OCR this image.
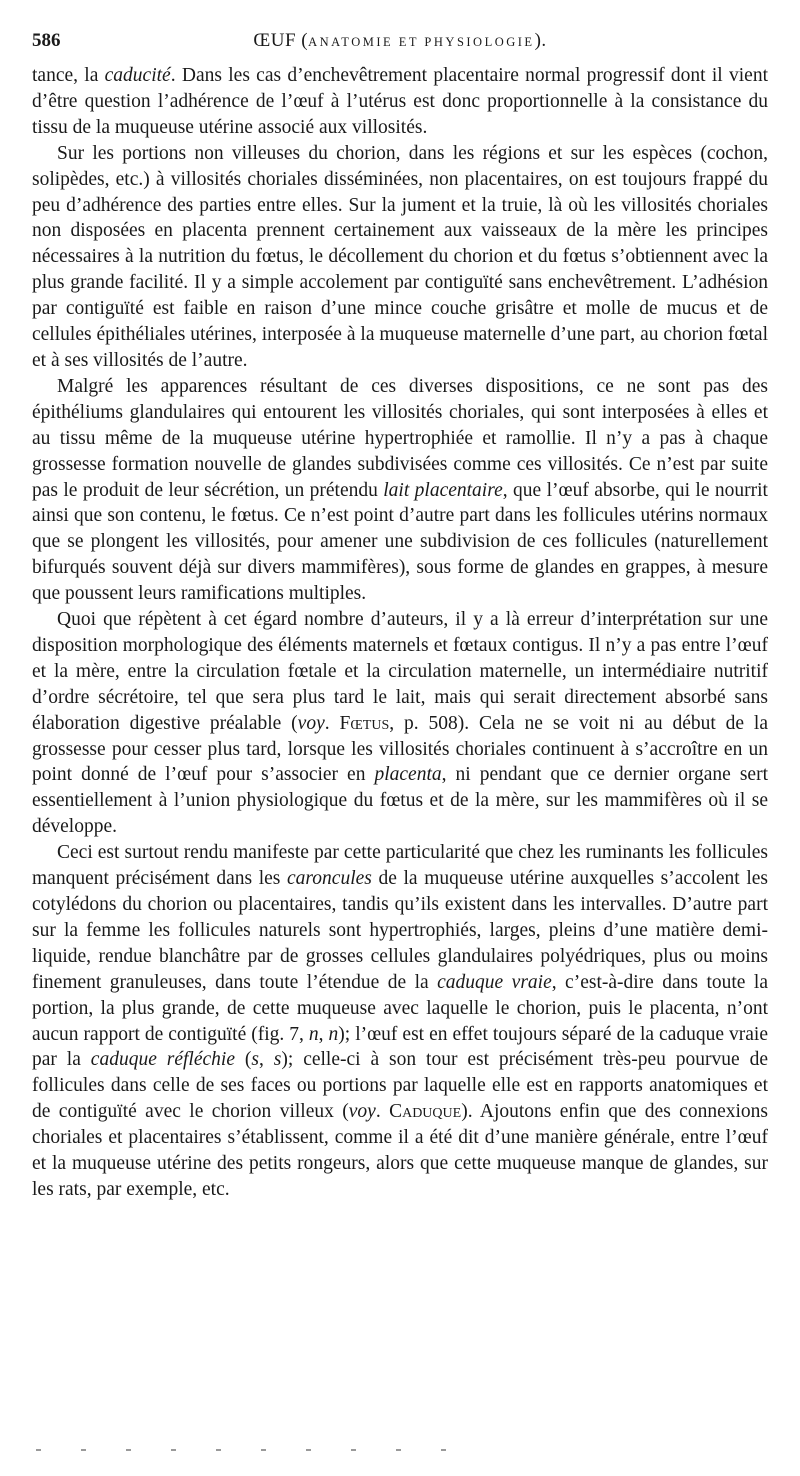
586	ŒUF (ANATOMIE ET PHYSIOLOGIE).

tance, la caducité. Dans les cas d’enchevêtrement placentaire normal progressif dont il vient d’être question l’adhérence de l’œuf à l’utérus est donc proportionnelle à la consistance du tissu de la muqueuse utérine associé aux villosités.

Sur les portions non villeuses du chorion, dans les régions et sur les espèces (cochon, solipèdes, etc.) à villosités choriales disséminées, non placentaires, on est toujours frappé du peu d’adhérence des parties entre elles. Sur la jument et la truie, là où les villosités choriales non disposées en placenta prennent certainement aux vaisseaux de la mère les principes nécessaires à la nutrition du fœtus, le décollement du chorion et du fœtus s’obtiennent avec la plus grande facilité. Il y a simple accolement par contiguïté sans enchevêtrement. L’adhésion par contiguïté est faible en raison d’une mince couche grisâtre et molle de mucus et de cellules épithéliales utérines, interposée à la muqueuse maternelle d’une part, au chorion fœtal et à ses villosités de l’autre.

Malgré les apparences résultant de ces diverses dispositions, ce ne sont pas des épithéliums glandulaires qui entourent les villosités choriales, qui sont interposées à elles et au tissu même de la muqueuse utérine hypertrophiée et ramollie. Il n’y a pas à chaque grossesse formation nouvelle de glandes subdivisées comme ces villosités. Ce n’est par suite pas le produit de leur sécrétion, un prétendu lait placentaire, que l’œuf absorbe, qui le nourrit ainsi que son contenu, le fœtus. Ce n’est point d’autre part dans les follicules utérins normaux que se plongent les villosités, pour amener une subdivision de ces follicules (naturellement bifurqués souvent déjà sur divers mammifères), sous forme de glandes en grappes, à mesure que poussent leurs ramifications multiples.

Quoi que répètent à cet égard nombre d’auteurs, il y a là erreur d’interprétation sur une disposition morphologique des éléments maternels et fœtaux contigus. Il n’y a pas entre l’œuf et la mère, entre la circulation fœtale et la circulation maternelle, un intermédiaire nutritif d’ordre sécrétoire, tel que sera plus tard le lait, mais qui serait directement absorbé sans élaboration digestive préalable (voy. Fœtus, p. 508). Cela ne se voit ni au début de la grossesse pour cesser plus tard, lorsque les villosités choriales continuent à s’accroître en un point donné de l’œuf pour s’associer en placenta, ni pendant que ce dernier organe sert essentiellement à l’union physiologique du fœtus et de la mère, sur les mammifères où il se développe.

Ceci est surtout rendu manifeste par cette particularité que chez les ruminants les follicules manquent précisément dans les caroncules de la muqueuse utérine auxquelles s’accolent les cotylédons du chorion ou placentaires, tandis qu’ils existent dans les intervalles. D’autre part sur la femme les follicules naturels sont hypertrophiés, larges, pleins d’une matière demi-liquide, rendue blanchâtre par de grosses cellules glandulaires polyédriques, plus ou moins finement granuleuses, dans toute l’étendue de la caduque vraie, c’est-à-dire dans toute la portion, la plus grande, de cette muqueuse avec laquelle le chorion, puis le placenta, n’ont aucun rapport de contiguïté (fig. 7, n, n); l’œuf est en effet toujours séparé de la caduque vraie par la caduque réfléchie (s, s); celle-ci à son tour est précisément très-peu pourvue de follicules dans celle de ses faces ou portions par laquelle elle est en rapports anatomiques et de contiguïté avec le chorion villeux (voy. Caduque). Ajoutons enfin que des connexions choriales et placentaires s’établissent, comme il a été dit d’une manière générale, entre l’œuf et la muqueuse utérine des petits rongeurs, alors que cette muqueuse manque de glandes, sur les rats, par exemple, etc.
